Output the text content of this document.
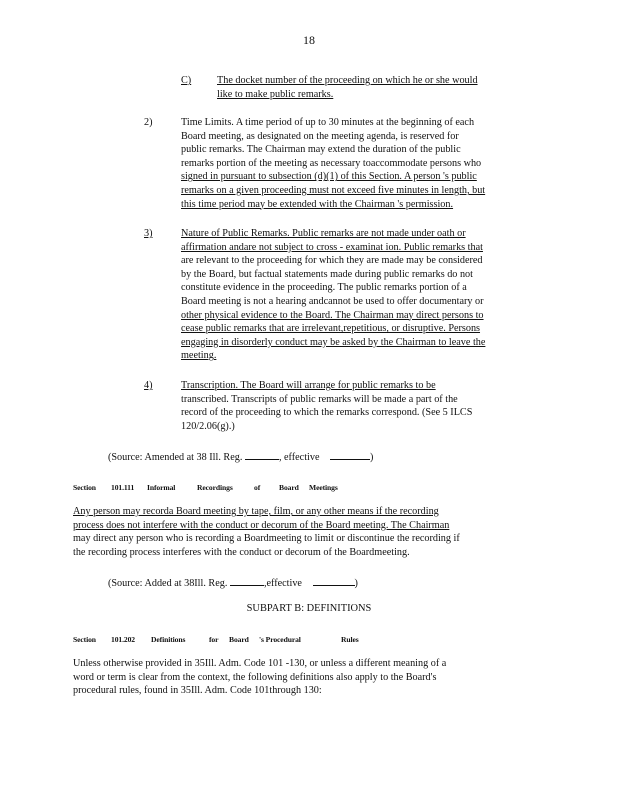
18
C)	The docket number of the proceeding on which he or she would
like to make public remarks.
2)	Time Limits. A time period of up to 30 minutes at the beginning of each
Board meeting, as designated on the meeting agenda, is reserved for
public remarks. The Chairman may extend the duration of the public
remarks portion of the meeting as necessary toaccommodate persons who
signed in pursuant to subsection (d)(1) of this Section. A person 's public
remarks on a given proceeding must not exceed five minutes in length, but
this time period may be extended with the Chairman 's permission.
3)	Nature of Public Remarks. Public remarks are not made under oath or
affirmation andare not subject to cross - examinat ion. Public remarks that
are relevant to the proceeding for which they are made may be considered
by the Board, but factual statements made during public remarks do not
constitute evidence in the proceeding. The public remarks portion of a
Board meeting is not a hearing andcannot be used to offer documentary or
other physical evidence to the Board. The Chairman may direct persons to
cease public remarks that are irrelevant,repetitious, or disruptive. Persons
engaging in disorderly conduct may be asked by the Chairman to leave the
meeting.
4)	Transcription. The Board will arrange for public remarks to be
transcribed. Transcripts of public remarks will be made a part of the
record of the proceeding to which the remarks correspond. (See 5 ILCS
120/2.06(g).)
(Source: Amended at 38 Ill. Reg.	, effective	)
Section 101.111 Informal	Recordings	of Board Meetings
Any person may recorda Board meeting by tape, film, or any other means if the recording
process does not interfere with the conduct or decorum of the Board meeting. The Chairman
may direct any person who is recording a Boardmeeting to limit or discontinue the recording if
the recording process interferes with the conduct or decorum of the Boardmeeting.
(Source: Added at 38Ill. Reg.	,effective	)
SUBPART B: DEFINITIONS
Section 101.202 Definitions	for Board 's Procedural	Rules
Unless otherwise provided in 35Ill. Adm. Code 101 -130, or unless a different meaning of a
word or term is clear from the context, the following definitions also apply to the Board's
procedural rules, found in 35Ill. Adm. Code 101through 130:
